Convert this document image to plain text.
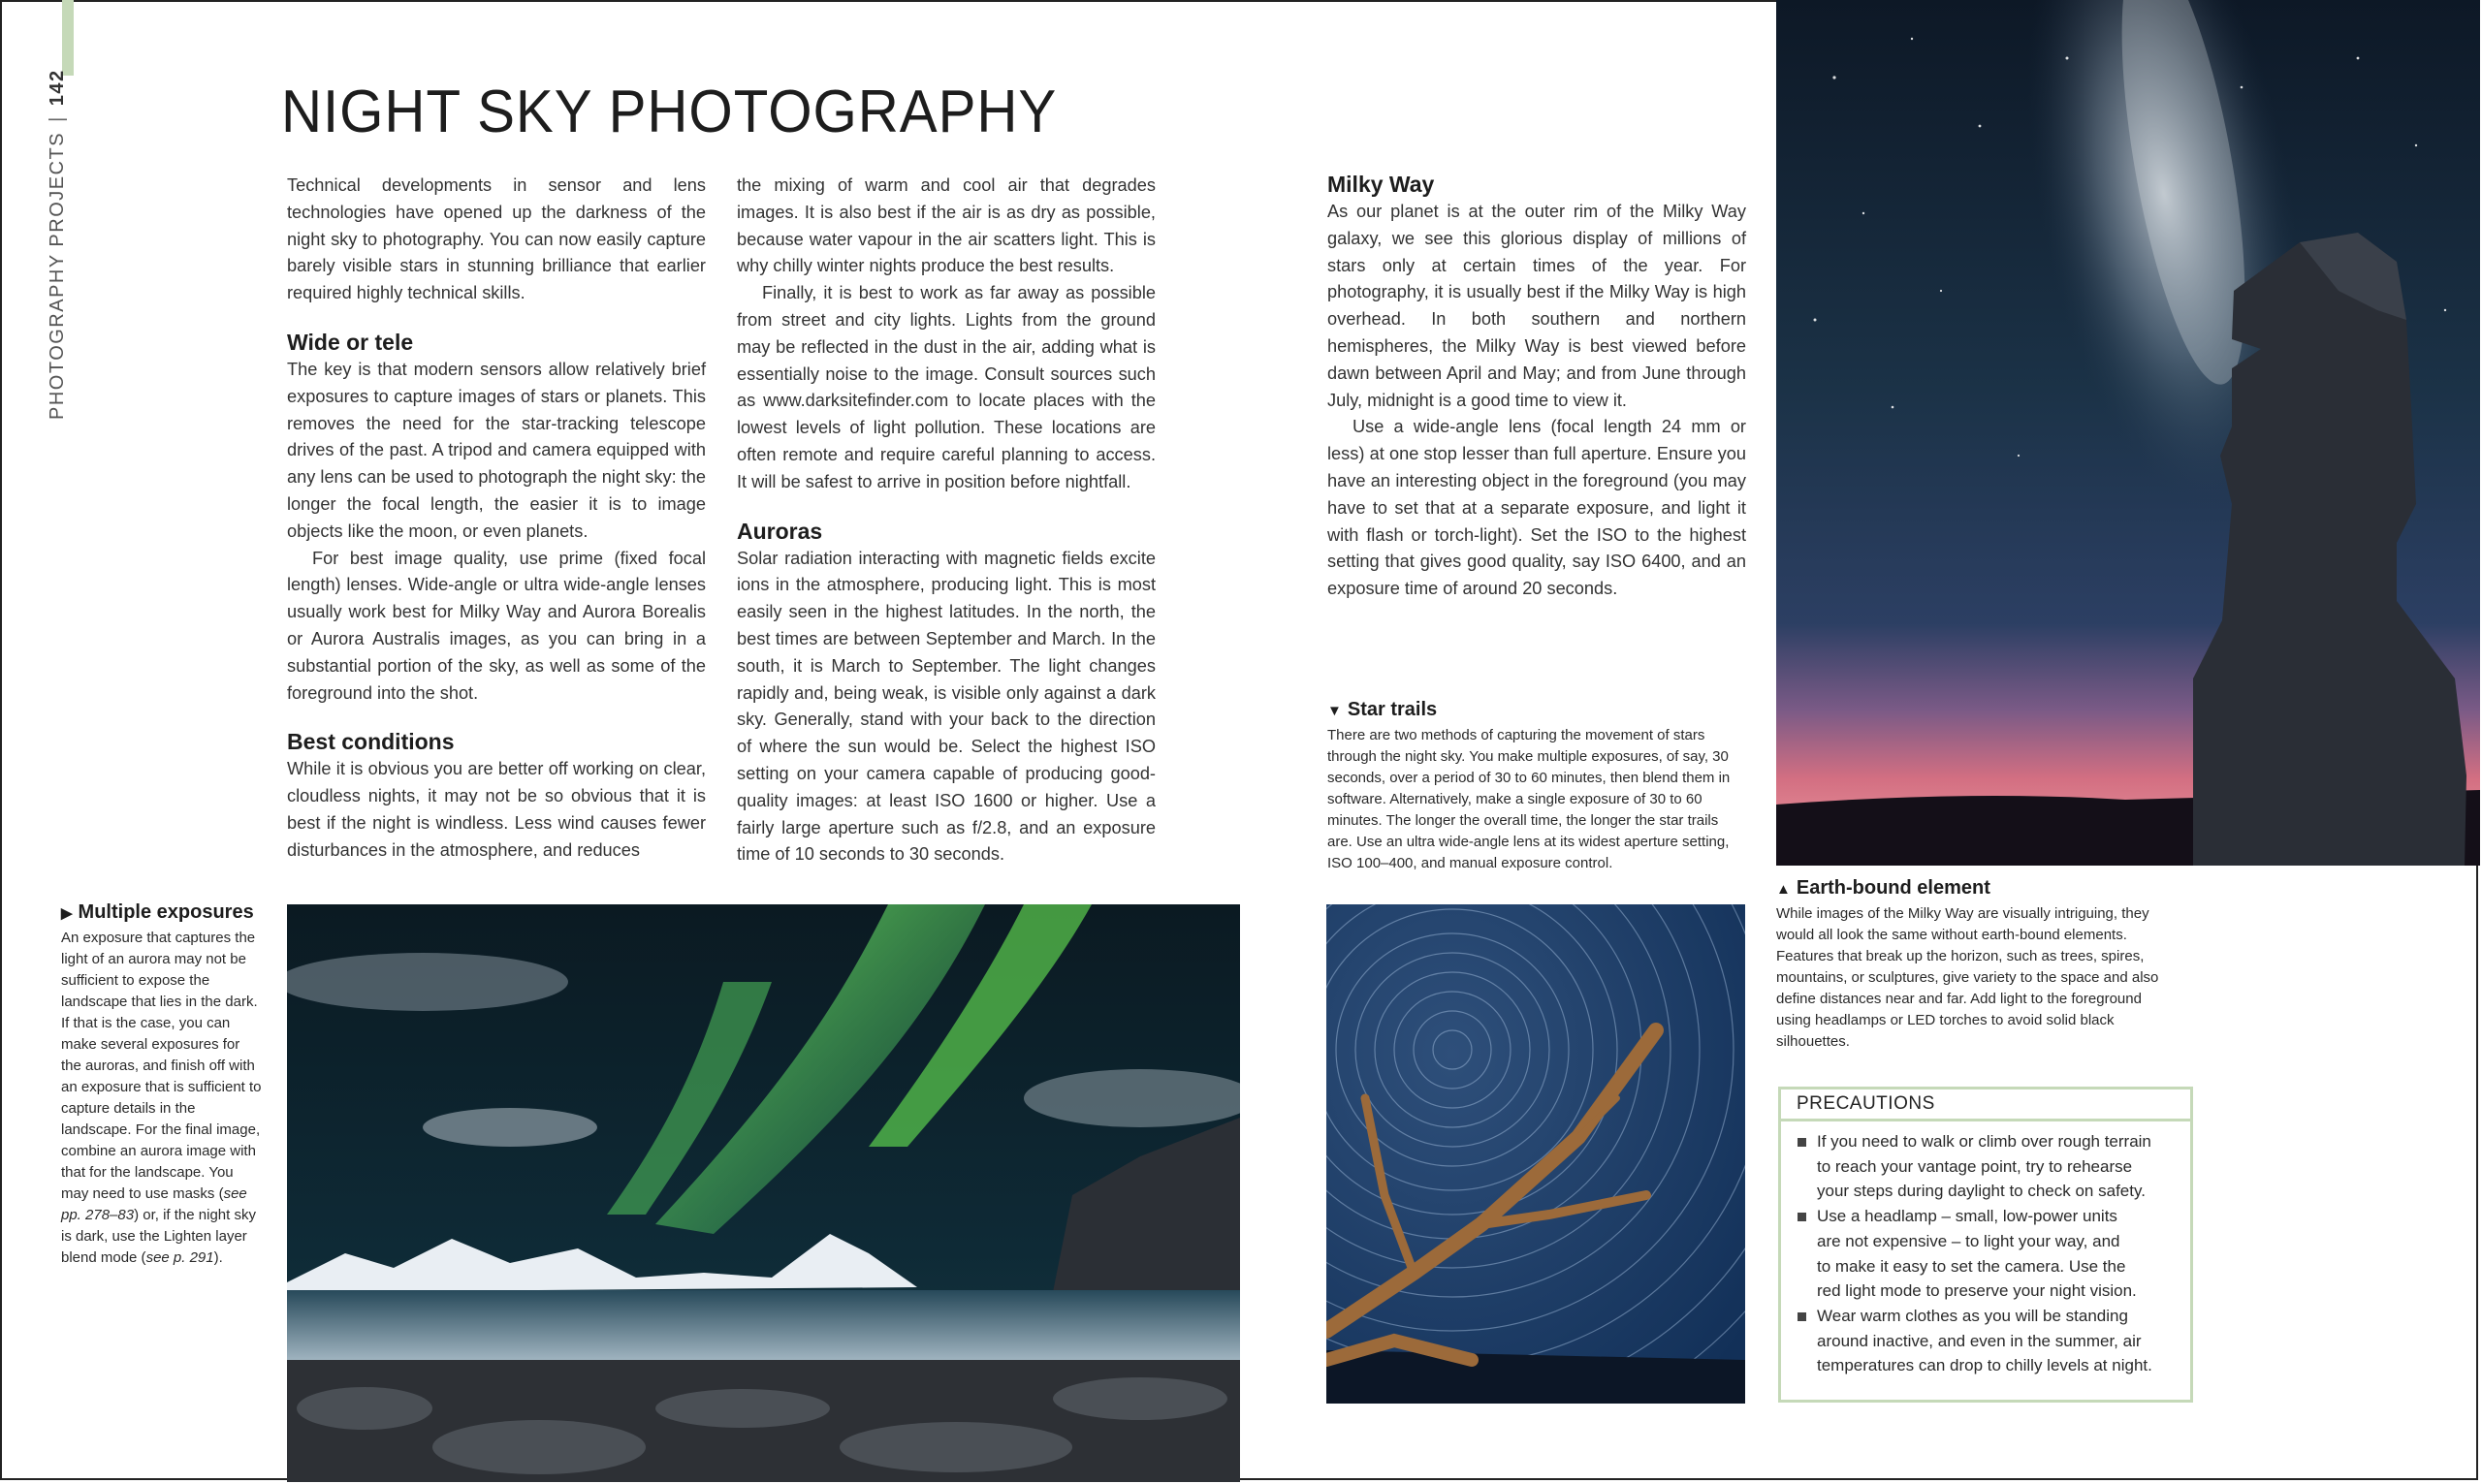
PHOTOGRAPHY PROJECTS|142	NIGHT SKY PHOTOGRAPHY

Technical developments in sensor and lens technologies have opened up the darkness of the night sky to photography. You can now easily capture barely visible stars in stunning brilliance that earlier required highly technical skills.

Wide or tele

The key is that modern sensors allow relatively brief exposures to capture images of stars or planets. This removes the need for the star-tracking telescope drives of the past. A tripod and camera equipped with any lens can be used to photograph the night sky: the longer the focal length, the easier it is to image objects like the moon, or even planets.

For best image quality, use prime (fixed focal length) lenses. Wide-angle or ultra wide-angle lenses usually work best for Milky Way and Aurora Borealis or Aurora Australis images, as you can bring in a substantial portion of the sky, as well as some of the foreground into the shot.

Best conditions

While it is obvious you are better off working on clear, cloudless nights, it may not be so obvious that it is best if the night is windless. Less wind causes fewer disturbances in the atmosphere, and reduces

the mixing of warm and cool air that degrades images. It is also best if the air is as dry as possible, because water vapour in the air scatters light. This is why chilly winter nights produce the best results.

Finally, it is best to work as far away as possible from street and city lights. Lights from the ground may be reflected in the dust in the air, adding what is essentially noise to the image. Consult sources such as www.darksitefinder.com to locate places with the lowest levels of light pollution. These locations are often remote and require careful planning to access. It will be safest to arrive in position before nightfall.

Auroras

Solar radiation interacting with magnetic fields excite ions in the atmosphere, producing light. This is most easily seen in the highest latitudes. In the north, the best times are between September and March. In the south, it is March to September. The light changes rapidly and, being weak, is visible only against a dark sky. Generally, stand with your back to the direction of where the sun would be. Select the highest ISO setting on your camera capable of producing good-quality images: at least ISO 1600 or higher. Use a fairly large aperture such as f/2.8, and an exposure time of 10 seconds to 30 seconds.

Milky Way

As our planet is at the outer rim of the Milky Way galaxy, we see this glorious display of millions of stars only at certain times of the year. For photography, it is usually best if the Milky Way is high overhead. In both southern and northern hemispheres, the Milky Way is best viewed before dawn between April and May; and from June through July, midnight is a good time to view it.

Use a wide-angle lens (focal length 24 mm or less) at one stop lesser than full aperture. Ensure you have an interesting object in the foreground (you may have to set that at a separate exposure, and light it with flash or torch-light). Set the ISO to the highest setting that gives good quality, say ISO 6400, and an exposure time of around 20 seconds.

▼ Star trails

There are two methods of capturing the movement of stars through the night sky. You make multiple exposures, of say, 30 seconds, over a period of 30 to 60 minutes, then blend them in software. Alternatively, make a single exposure of 30 to 60 minutes. The longer the overall time, the longer the star trails are. Use an ultra wide-angle lens at its widest aperture setting, ISO 100–400, and manual exposure control.

▶ Multiple exposures

An exposure that captures the light of an aurora may not be sufficient to expose the landscape that lies in the dark. If that is the case, you can make several exposures for the auroras, and finish off with an exposure that is sufficient to capture details in the landscape. For the final image, combine an aurora image with that for the landscape. You may need to use masks (see pp. 278–83) or, if the night sky is dark, use the Lighten layer blend mode (see p. 291).

▲ Earth-bound element

While images of the Milky Way are visually intriguing, they would all look the same without earth-bound elements. Features that break up the horizon, such as trees, spires, mountains, or sculptures, give variety to the space and also define distances near and far. Add light to the foreground using headlamps or LED torches to avoid solid black silhouettes.

PRECAUTIONS
If you need to walk or climb over rough terrain
to reach your vantage point, try to rehearse
your steps during daylight to check on safety.
Use a headlamp – small, low-power units
are not expensive – to light your way, and
to make it easy to set the camera. Use the
red light mode to preserve your night vision.
Wear warm clothes as you will be standing
around inactive, and even in the summer, air
temperatures can drop to chilly levels at night.
